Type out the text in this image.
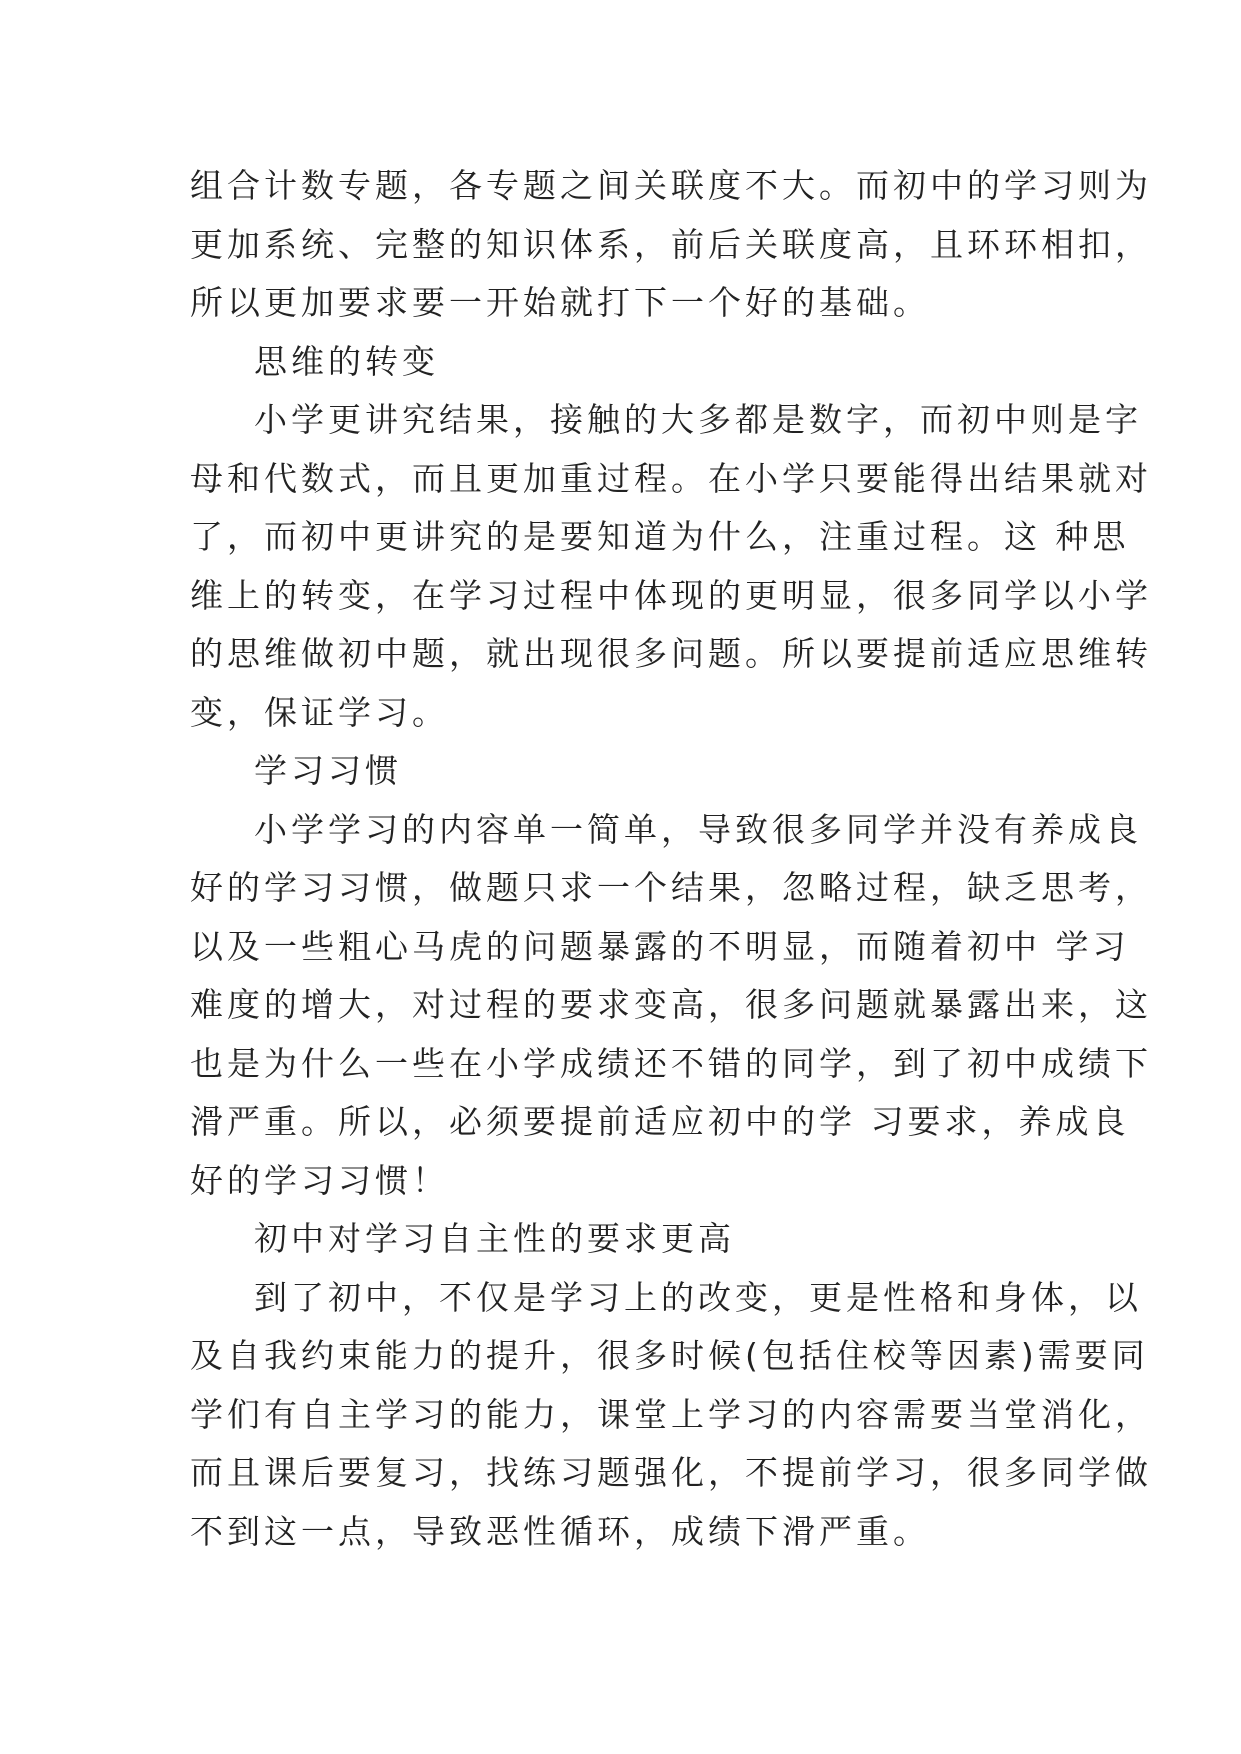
组合计数专题，各专题之间关联度不大。而初中的学习则为
更加系统、完整的知识体系，前后关联度高，且环环相扣，
所以更加要求要一开始就打下一个好的基础。
思维的转变
小学更讲究结果，接触的大多都是数字，而初中则是字
母和代数式，而且更加重过程。在小学只要能得出结果就对
了，而初中更讲究的是要知道为什么，注重过程。这 种思
维上的转变，在学习过程中体现的更明显，很多同学以小学
的思维做初中题，就出现很多问题。所以要提前适应思维转
变，保证学习。
学习习惯
小学学习的内容单一简单，导致很多同学并没有养成良
好的学习习惯，做题只求一个结果，忽略过程，缺乏思考，
以及一些粗心马虎的问题暴露的不明显，而随着初中 学习
难度的增大，对过程的要求变高，很多问题就暴露出来，这
也是为什么一些在小学成绩还不错的同学，到了初中成绩下
滑严重。所以，必须要提前适应初中的学 习要求，养成良
好的学习习惯！
初中对学习自主性的要求更高
到了初中，不仅是学习上的改变，更是性格和身体，以
及自我约束能力的提升，很多时候(包括住校等因素)需要同
学们有自主学习的能力，课堂上学习的内容需要当堂消化，
而且课后要复习，找练习题强化，不提前学习，很多同学做
不到这一点，导致恶性循环，成绩下滑严重。
